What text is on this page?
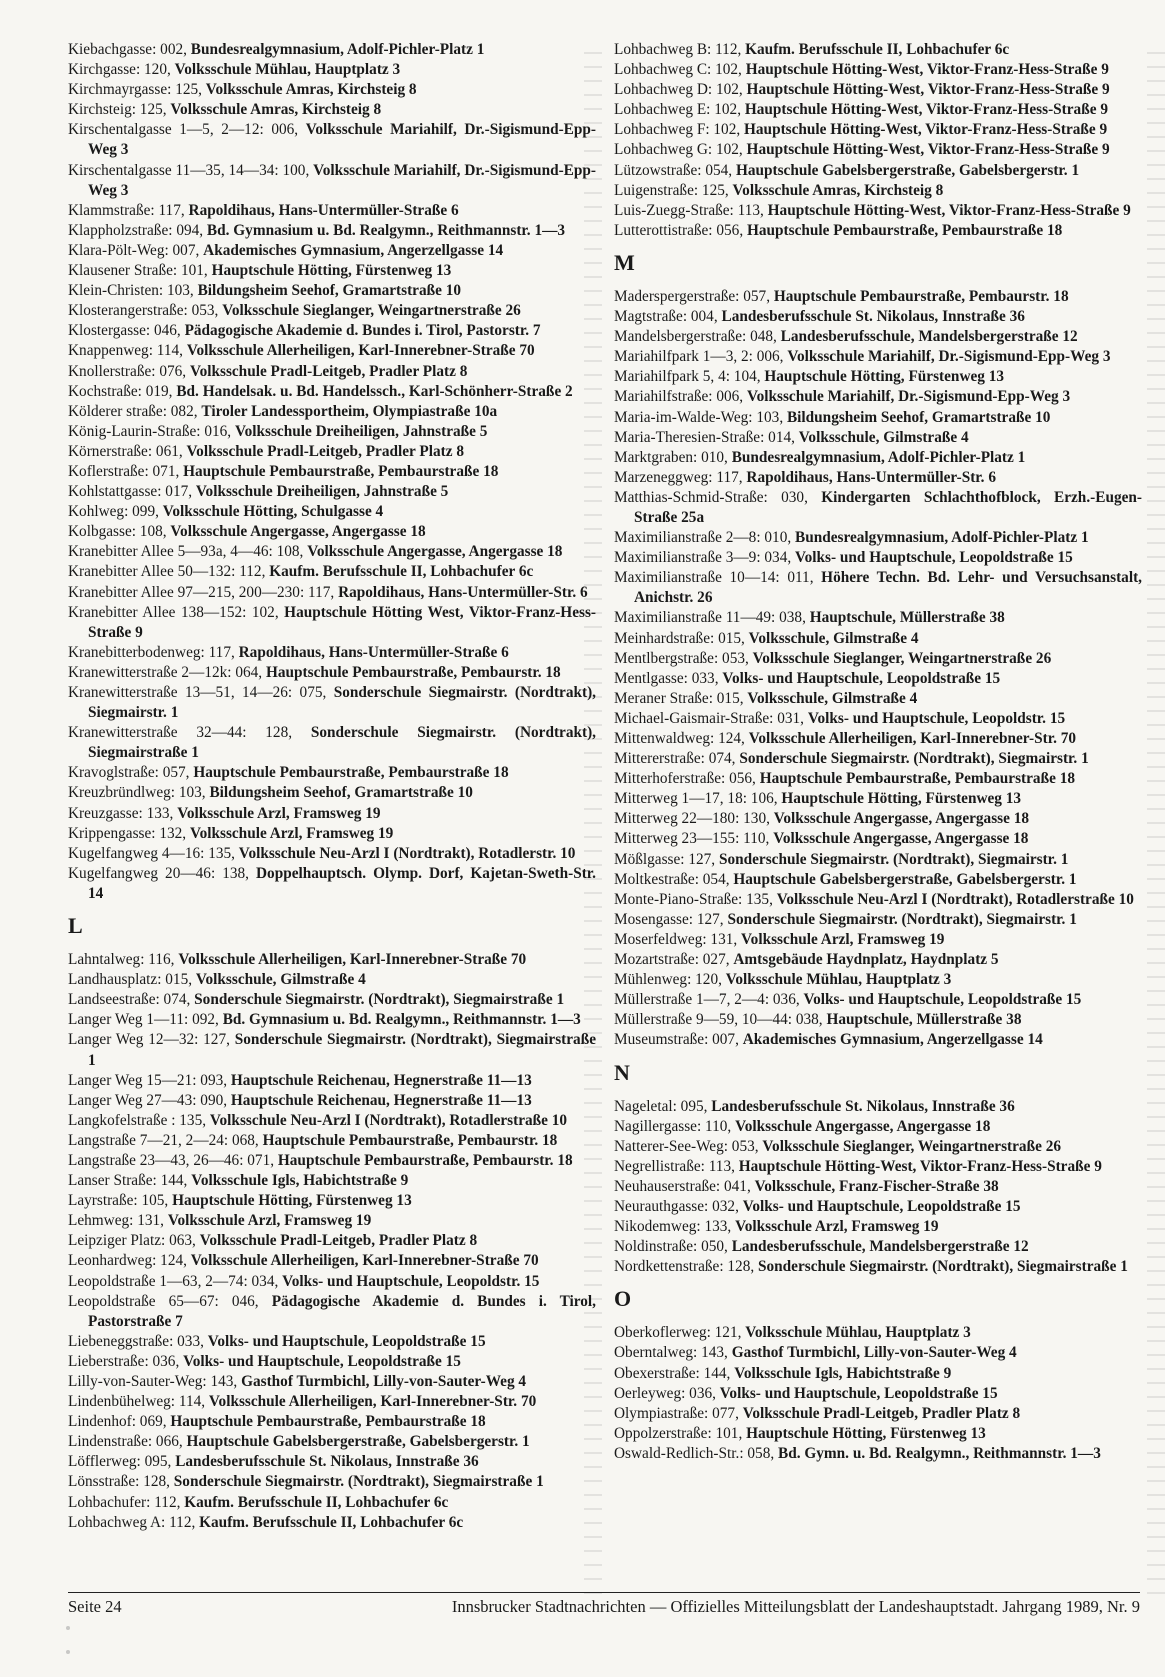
Kiebachgasse: 002, Bundesrealgymnasium, Adolf-Pichler-Platz 1
Kirchgasse: 120, Volksschule Mühlau, Hauptplatz 3
Kirchmayrgasse: 125, Volksschule Amras, Kirchsteig 8
Kirchsteig: 125, Volksschule Amras, Kirchsteig 8
Kirschentalgasse 1—5, 2—12: 006, Volksschule Mariahilf, Dr.-Sigismund-Epp-Weg 3
Kirschentalgasse 11—35, 14—34: 100, Volksschule Mariahilf, Dr.-Sigismund-Epp-Weg 3
Klammstraße: 117, Rapoldihaus, Hans-Untermüller-Straße 6
Klappholzstraße: 094, Bd. Gymnasium u. Bd. Realgymn., Reithmannstr. 1—3
Klara-Pölt-Weg: 007, Akademisches Gymnasium, Angerzellgasse 14
Klausener Straße: 101, Hauptschule Hötting, Fürstenweg 13
Klein-Christen: 103, Bildungsheim Seehof, Gramartstraße 10
Klosterangerstraße: 053, Volksschule Sieglanger, Weingartnerstraße 26
Klostergasse: 046, Pädagogische Akademie d. Bundes i. Tirol, Pastorstr. 7
Knappenweg: 114, Volksschule Allerheiligen, Karl-Innerebner-Straße 70
Knollerstraße: 076, Volksschule Pradl-Leitgeb, Pradler Platz 8
Kochstraße: 019, Bd. Handelsak. u. Bd. Handelssch., Karl-Schönherr-Straße 2
Kölderer straße: 082, Tiroler Landessportheim, Olympiastraße 10a
König-Laurin-Straße: 016, Volksschule Dreiheiligen, Jahnstraße 5
Körnerstraße: 061, Volksschule Pradl-Leitgeb, Pradler Platz 8
Koflerstraße: 071, Hauptschule Pembaurstraße, Pembaurstraße 18
Kohlstattgasse: 017, Volksschule Dreiheiligen, Jahnstraße 5
Kohlweg: 099, Volksschule Hötting, Schulgasse 4
Kolbgasse: 108, Volksschule Angergasse, Angergasse 18
Kranebitter Allee 5—93a, 4—46: 108, Volksschule Angergasse, Angergasse 18
Kranebitter Allee 50—132: 112, Kaufm. Berufsschule II, Lohbachufer 6c
Kranebitter Allee 97—215, 200—230: 117, Rapoldihaus, Hans-Untermüller-Str. 6
Kranebitter Allee 138—152: 102, Hauptschule Hötting West, Viktor-Franz-Hess-Straße 9
Kranebitterbodenweg: 117, Rapoldihaus, Hans-Untermüller-Straße 6
Kranewitterstraße 2—12k: 064, Hauptschule Pembaurstraße, Pembaurstr. 18
Kranewitterstraße 13—51, 14—26: 075, Sonderschule Siegmairstr. (Nordtrakt), Siegmairstr. 1
Kranewitterstraße 32—44: 128, Sonderschule Siegmairstr. (Nordtrakt), Siegmairstraße 1
Kravoglstraße: 057, Hauptschule Pembaurstraße, Pembaurstraße 18
Kreuzbründlweg: 103, Bildungsheim Seehof, Gramartstraße 10
Kreuzgasse: 133, Volksschule Arzl, Framsweg 19
Krippengasse: 132, Volksschule Arzl, Framsweg 19
Kugelfangweg 4—16: 135, Volksschule Neu-Arzl I (Nordtrakt), Rotadlerstr. 10
Kugelfangweg 20—46: 138, Doppelhauptsch. Olymp. Dorf, Kajetan-Sweth-Str. 14
L
Lahntalweg: 116, Volksschule Allerheiligen, Karl-Innerebner-Straße 70
Landhausplatz: 015, Volksschule, Gilmstraße 4
Landseestraße: 074, Sonderschule Siegmairstr. (Nordtrakt), Siegmairstraße 1
Langer Weg 1—11: 092, Bd. Gymnasium u. Bd. Realgymn., Reithmannstr. 1—3
Langer Weg 12—32: 127, Sonderschule Siegmairstr. (Nordtrakt), Siegmairstraße 1
Langer Weg 15—21: 093, Hauptschule Reichenau, Hegnerstraße 11—13
Langer Weg 27—43: 090, Hauptschule Reichenau, Hegnerstraße 11—13
Langkofelstraße : 135, Volksschule Neu-Arzl I (Nordtrakt), Rotadlerstraße 10
Langstraße 7—21, 2—24: 068, Hauptschule Pembaurstraße, Pembaurstr. 18
Langstraße 23—43, 26—46: 071, Hauptschule Pembaurstraße, Pembaurstr. 18
Lanser Straße: 144, Volksschule Igls, Habichtstraße 9
Layrstraße: 105, Hauptschule Hötting, Fürstenweg 13
Lehmweg: 131, Volksschule Arzl, Framsweg 19
Leipziger Platz: 063, Volksschule Pradl-Leitgeb, Pradler Platz 8
Leonhardweg: 124, Volksschule Allerheiligen, Karl-Innerebner-Straße 70
Leopoldstraße 1—63, 2—74: 034, Volks- und Hauptschule, Leopoldstr. 15
Leopoldstraße 65—67: 046, Pädagogische Akademie d. Bundes i. Tirol, Pastorstraße 7
Liebeneggstraße: 033, Volks- und Hauptschule, Leopoldstraße 15
Lieberstraße: 036, Volks- und Hauptschule, Leopoldstraße 15
Lilly-von-Sauter-Weg: 143, Gasthof Turmbichl, Lilly-von-Sauter-Weg 4
Lindenbühelweg: 114, Volksschule Allerheiligen, Karl-Innerebner-Str. 70
Lindenhof: 069, Hauptschule Pembaurstraße, Pembaurstraße 18
Lindenstraße: 066, Hauptschule Gabelsbergerstraße, Gabelsbergerstr. 1
Löfflerweg: 095, Landesberufsschule St. Nikolaus, Innstraße 36
Lönsstraße: 128, Sonderschule Siegmairstr. (Nordtrakt), Siegmairstraße 1
Lohbachufer: 112, Kaufm. Berufsschule II, Lohbachufer 6c
Lohbachweg A: 112, Kaufm. Berufsschule II, Lohbachufer 6c
Lohbachweg B: 112, Kaufm. Berufsschule II, Lohbachufer 6c
Lohbachweg C: 102, Hauptschule Hötting-West, Viktor-Franz-Hess-Straße 9
Lohbachweg D: 102, Hauptschule Hötting-West, Viktor-Franz-Hess-Straße 9
Lohbachweg E: 102, Hauptschule Hötting-West, Viktor-Franz-Hess-Straße 9
Lohbachweg F: 102, Hauptschule Hötting-West, Viktor-Franz-Hess-Straße 9
Lohbachweg G: 102, Hauptschule Hötting-West, Viktor-Franz-Hess-Straße 9
Lützowstraße: 054, Hauptschule Gabelsbergerstraße, Gabelsbergerstr. 1
Luigenstraße: 125, Volksschule Amras, Kirchsteig 8
Luis-Zuegg-Straße: 113, Hauptschule Hötting-West, Viktor-Franz-Hess-Straße 9
Lutterottistraße: 056, Hauptschule Pembaurstraße, Pembaurstraße 18
M
Maderspergerstraße: 057, Hauptschule Pembaurstraße, Pembaurstr. 18
Magtstraße: 004, Landesberufsschule St. Nikolaus, Innstraße 36
Mandelsbergerstraße: 048, Landesberufsschule, Mandelsbergerstraße 12
Mariahilfpark 1—3, 2: 006, Volksschule Mariahilf, Dr.-Sigismund-Epp-Weg 3
Mariahilfpark 5, 4: 104, Hauptschule Hötting, Fürstenweg 13
Mariahilfstraße: 006, Volksschule Mariahilf, Dr.-Sigismund-Epp-Weg 3
Maria-im-Walde-Weg: 103, Bildungsheim Seehof, Gramartstraße 10
Maria-Theresien-Straße: 014, Volksschule, Gilmstraße 4
Marktgraben: 010, Bundesrealgymnasium, Adolf-Pichler-Platz 1
Marzeneggweg: 117, Rapoldihaus, Hans-Untermüller-Str. 6
Matthias-Schmid-Straße: 030, Kindergarten Schlachthofblock, Erzh.-Eugen-Straße 25a
Maximilianstraße 2—8: 010, Bundesrealgymnasium, Adolf-Pichler-Platz 1
Maximilianstraße 3—9: 034, Volks- und Hauptschule, Leopoldstraße 15
Maximilianstraße 10—14: 011, Höhere Techn. Bd. Lehr- und Versuchsanstalt, Anichstr. 26
Maximilianstraße 11—49: 038, Hauptschule, Müllerstraße 38
Meinhardstraße: 015, Volksschule, Gilmstraße 4
Mentlbergstraße: 053, Volksschule Sieglanger, Weingartnerstraße 26
Mentlgasse: 033, Volks- und Hauptschule, Leopoldstraße 15
Meraner Straße: 015, Volksschule, Gilmstraße 4
Michael-Gaismair-Straße: 031, Volks- und Hauptschule, Leopoldstr. 15
Mittenwaldweg: 124, Volksschule Allerheiligen, Karl-Innerebner-Str. 70
Mittererstraße: 074, Sonderschule Siegmairstr. (Nordtrakt), Siegmairstr. 1
Mitterhoferstraße: 056, Hauptschule Pembaurstraße, Pembaurstraße 18
Mitterweg 1—17, 18: 106, Hauptschule Hötting, Fürstenweg 13
Mitterweg 22—180: 130, Volksschule Angergasse, Angergasse 18
Mitterweg 23—155: 110, Volksschule Angergasse, Angergasse 18
Mößlgasse: 127, Sonderschule Siegmairstr. (Nordtrakt), Siegmairstr. 1
Moltkestraße: 054, Hauptschule Gabelsbergerstraße, Gabelsbergerstr. 1
Monte-Piano-Straße: 135, Volksschule Neu-Arzl I (Nordtrakt), Rotadlerstraße 10
Mosengasse: 127, Sonderschule Siegmairstr. (Nordtrakt), Siegmairstr. 1
Moserfeldweg: 131, Volksschule Arzl, Framsweg 19
Mozartstraße: 027, Amtsgebäude Haydnplatz, Haydnplatz 5
Mühlenweg: 120, Volksschule Mühlau, Hauptplatz 3
Müllerstraße 1—7, 2—4: 036, Volks- und Hauptschule, Leopoldstraße 15
Müllerstraße 9—59, 10—44: 038, Hauptschule, Müllerstraße 38
Museumstraße: 007, Akademisches Gymnasium, Angerzellgasse 14
N
Nageletal: 095, Landesberufsschule St. Nikolaus, Innstraße 36
Nagillergasse: 110, Volksschule Angergasse, Angergasse 18
Natterer-See-Weg: 053, Volksschule Sieglanger, Weingartnerstraße 26
Negrellistraße: 113, Hauptschule Hötting-West, Viktor-Franz-Hess-Straße 9
Neuhauserstraße: 041, Volksschule, Franz-Fischer-Straße 38
Neurauthgasse: 032, Volks- und Hauptschule, Leopoldstraße 15
Nikodemweg: 133, Volksschule Arzl, Framsweg 19
Noldinstraße: 050, Landesberufsschule, Mandelsbergerstraße 12
Nordkettenstraße: 128, Sonderschule Siegmairstr. (Nordtrakt), Siegmairstraße 1
O
Oberkoflerweg: 121, Volksschule Mühlau, Hauptplatz 3
Oberntalweg: 143, Gasthof Turmbichl, Lilly-von-Sauter-Weg 4
Obexerstraße: 144, Volksschule Igls, Habichtstraße 9
Oerleyweg: 036, Volks- und Hauptschule, Leopoldstraße 15
Olympiastraße: 077, Volksschule Pradl-Leitgeb, Pradler Platz 8
Oppolzerstraße: 101, Hauptschule Hötting, Fürstenweg 13
Oswald-Redlich-Str.: 058, Bd. Gymn. u. Bd. Realgymn., Reithmannstr. 1—3
Seite 24	Innsbrucker Stadtnachrichten — Offizielles Mitteilungsblatt der Landeshauptstadt. Jahrgang 1989, Nr. 9
